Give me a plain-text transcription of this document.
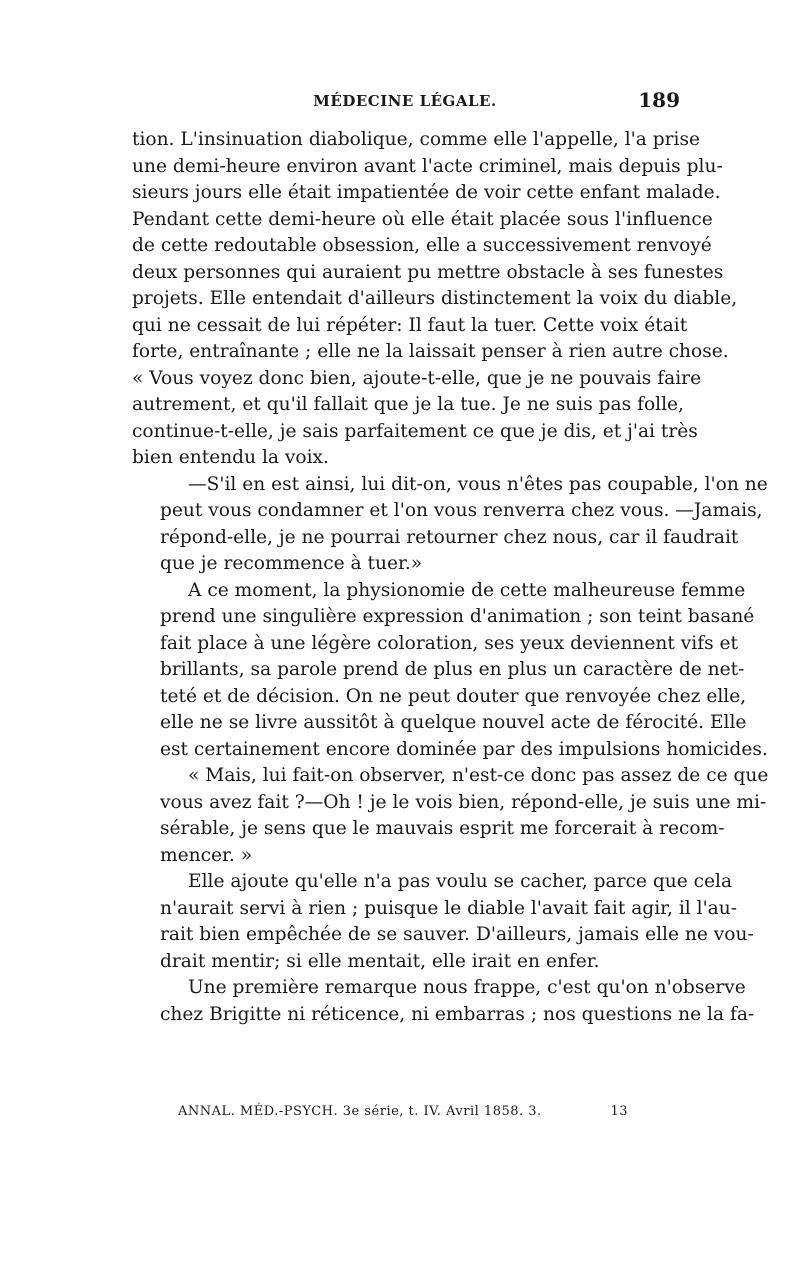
MÉDECINE LÉGALE.	189

tion. L'insinuation diabolique, comme elle l'appelle, l'a prise
une demi-heure environ avant l'acte criminel, mais depuis plu-
sieurs jours elle était impatientée de voir cette enfant malade.
Pendant cette demi-heure où elle était placée sous l'influence
de cette redoutable obsession, elle a successivement renvoyé
deux personnes qui auraient pu mettre obstacle à ses funestes
projets. Elle entendait d'ailleurs distinctement la voix du diable,
qui ne cessait de lui répéter: Il faut la tuer. Cette voix était
forte, entraînante ; elle ne la laissait penser à rien autre chose.
« Vous voyez donc bien, ajoute-t-elle, que je ne pouvais faire
autrement, et qu'il fallait que je la tue. Je ne suis pas folle,
continue-t-elle, je sais parfaitement ce que je dis, et j'ai très
bien entendu la voix.

—S'il en est ainsi, lui dit-on, vous n'êtes pas coupable, l'on ne
peut vous condamner et l'on vous renverra chez vous. —Jamais,
répond-elle, je ne pourrai retourner chez nous, car il faudrait
que je recommence à tuer.»

A ce moment, la physionomie de cette malheureuse femme
prend une singulière expression d'animation ; son teint basané
fait place à une légère coloration, ses yeux deviennent vifs et
brillants, sa parole prend de plus en plus un caractère de net-
teté et de décision. On ne peut douter que renvoyée chez elle,
elle ne se livre aussitôt à quelque nouvel acte de férocité. Elle
est certainement encore dominée par des impulsions homicides.

« Mais, lui fait-on observer, n'est-ce donc pas assez de ce que
vous avez fait ?—Oh ! je le vois bien, répond-elle, je suis une mi-
sérable, je sens que le mauvais esprit me forcerait à recom-
mencer. »

Elle ajoute qu'elle n'a pas voulu se cacher, parce que cela
n'aurait servi à rien ; puisque le diable l'avait fait agir, il l'au-
rait bien empêchée de se sauver. D'ailleurs, jamais elle ne vou-
drait mentir; si elle mentait, elle irait en enfer.

Une première remarque nous frappe, c'est qu'on n'observe
chez Brigitte ni réticence, ni embarras ; nos questions ne la fa-

ANNAL. MÉD.-PSYCH. 3e série, t. IV. Avril 1858. 3.	13
